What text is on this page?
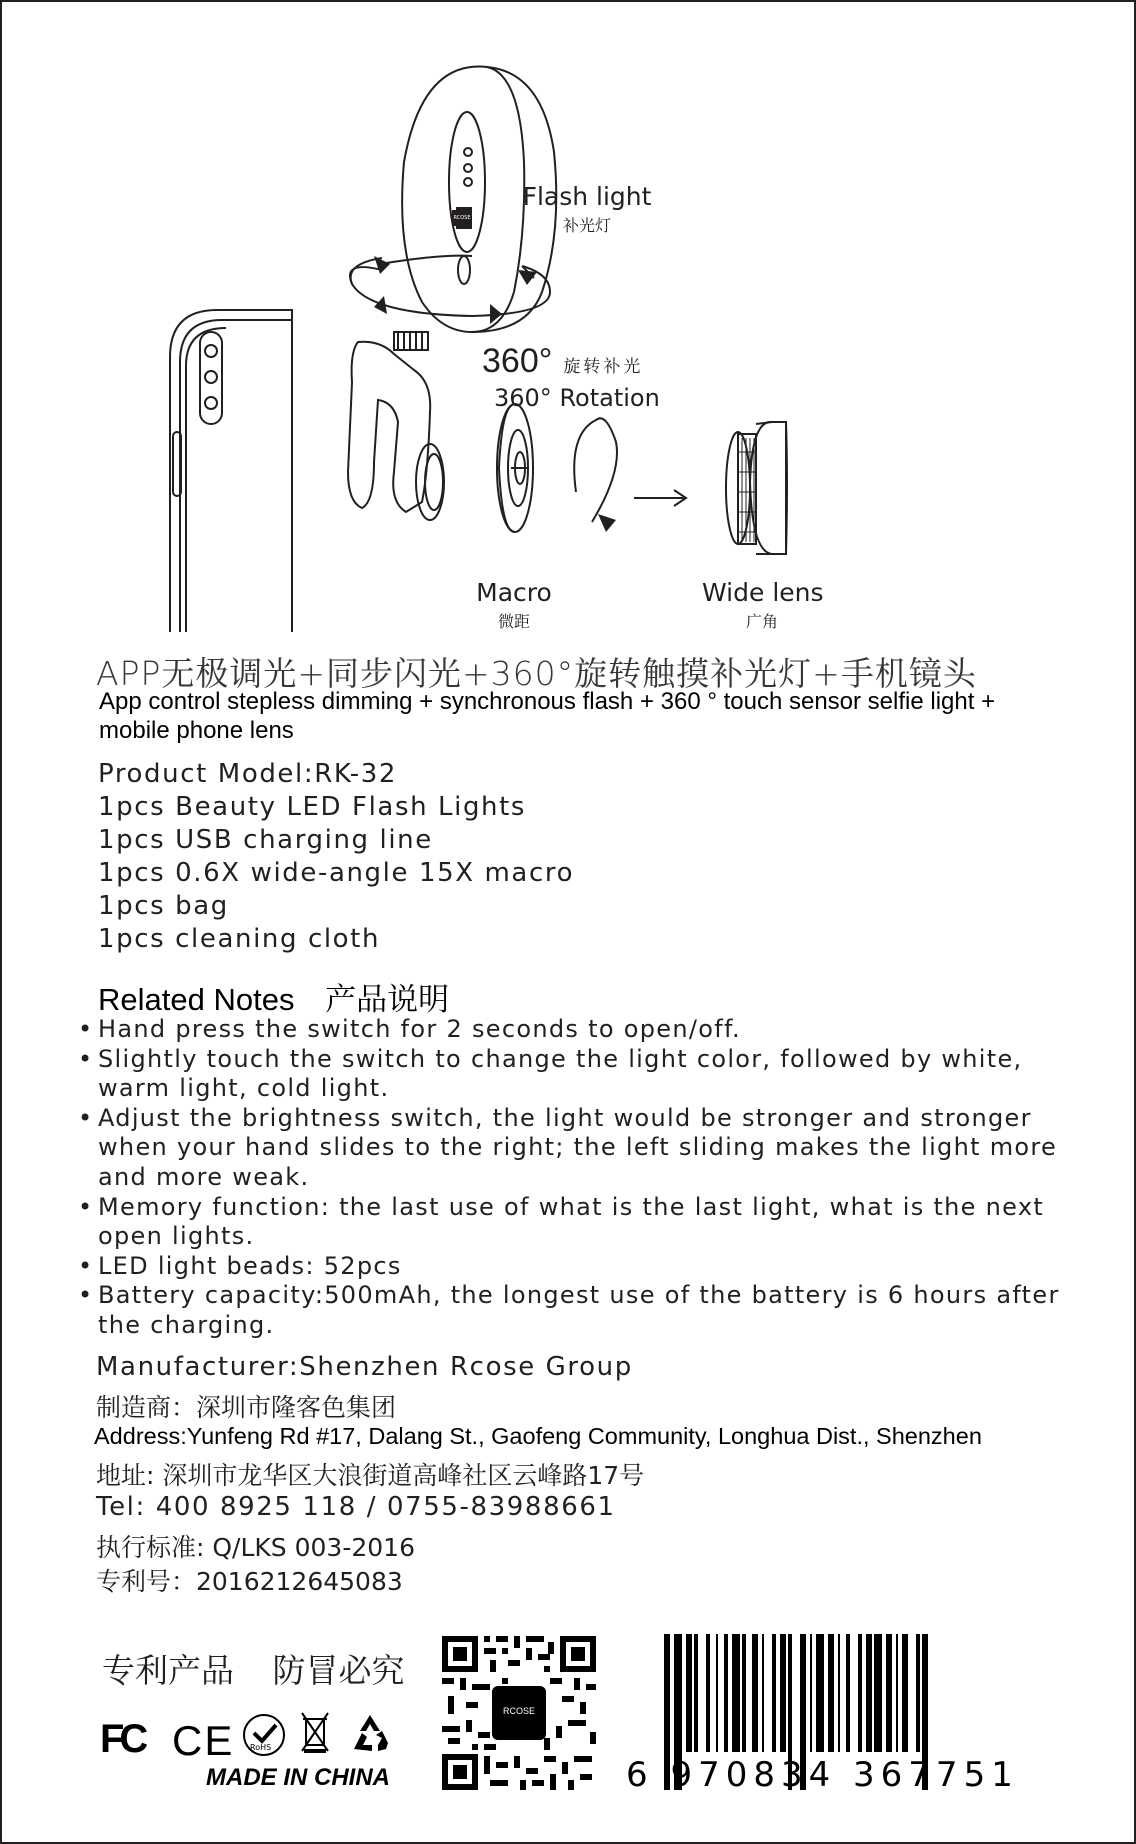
Flash light
补光灯
360° 旋转补光
360° Rotation
Macro
微距
Wide lens
广角
RCOSE
APP无极调光+同步闪光+360°旋转触摸补光灯+手机镜头
App control stepless dimming + synchronous flash + 360 ° touch sensor selfie light + mobile phone lens
Product Model:RK-32
1pcs Beauty LED Flash Lights
1pcs USB charging line
1pcs 0.6X wide-angle 15X macro
1pcs bag
1pcs cleaning cloth
Related Notes 产品说明
• Hand press the switch for 2 seconds to open/off.
• Slightly touch the switch to change the light color, followed by white, warm light, cold light.
• Adjust the brightness switch, the light would be stronger and stronger when your hand slides to the right; the left sliding makes the light more and more weak.
• Memory function: the last use of what is the last light, what is the next open lights.
• LED light beads: 52pcs
• Battery capacity:500mAh, the longest use of the battery is 6 hours after the charging.
Manufacturer:Shenzhen Rcose Group
制造商：深圳市隆客色集团
Address:Yunfeng Rd #17, Dalang St., Gaofeng Community, Longhua Dist., Shenzhen
地址: 深圳市龙华区大浪街道高峰社区云峰路17号
Tel: 400 8925 118 / 0755-83988661
执行标准: Q/LKS 003-2016
专利号：2016212645083
专利产品 防冒必究
FC CE RoHS
MADE IN CHINA
RCOSE
6 970834 367751
